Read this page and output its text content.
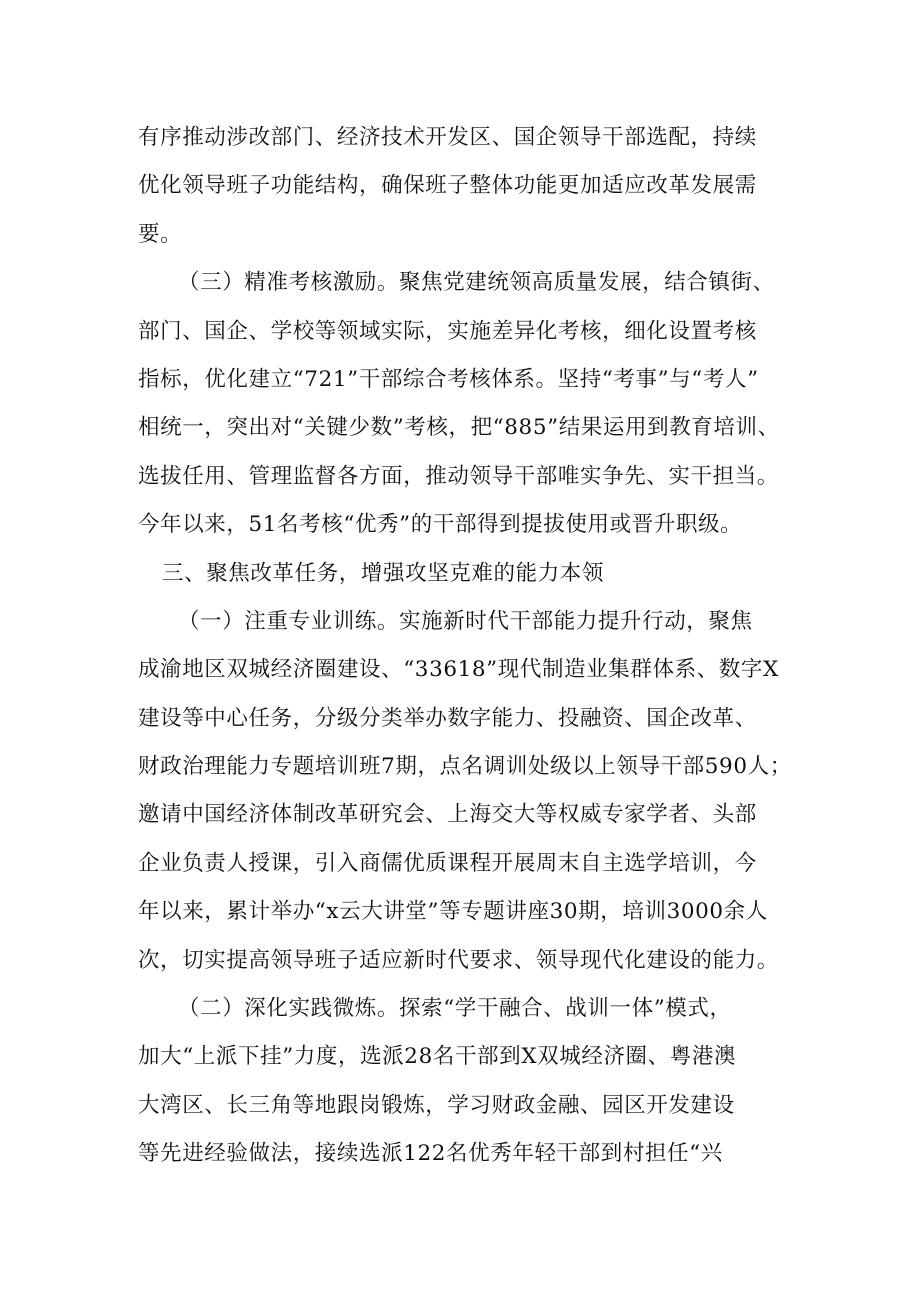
有序推动涉改部门、经济技术开发区、国企领导干部选配，持续
优化领导班子功能结构，确保班子整体功能更加适应改革发展需
要。
（三）精准考核激励。聚焦党建统领高质量发展，结合镇街、
部门、国企、学校等领域实际，实施差异化考核，细化设置考核
指标，优化建立“721”干部综合考核体系。坚持“考事”与“考人”
相统一，突出对“关键少数”考核，把“885”结果运用到教育培训、
选拔任用、管理监督各方面，推动领导干部唯实争先、实干担当。
今年以来，51名考核“优秀”的干部得到提拔使用或晋升职级。
三、聚焦改革任务，增强攻坚克难的能力本领
（一）注重专业训练。实施新时代干部能力提升行动，聚焦
成渝地区双城经济圈建设、“33618”现代制造业集群体系、数字X
建设等中心任务，分级分类举办数字能力、投融资、国企改革、
财政治理能力专题培训班7期，点名调训处级以上领导干部590人；
邀请中国经济体制改革研究会、上海交大等权威专家学者、头部
企业负责人授课，引入商儒优质课程开展周末自主选学培训，今
年以来，累计举办“x云大讲堂”等专题讲座30期，培训3000余人
次，切实提高领导班子适应新时代要求、领导现代化建设的能力。
（二）深化实践微炼。探索“学干融合、战训一体”模式，
加大“上派下挂”力度，选派28名干部到X双城经济圈、粤港澳
大湾区、长三角等地跟岗锻炼，学习财政金融、园区开发建设
等先进经验做法，接续选派122名优秀年轻干部到村担任“兴
